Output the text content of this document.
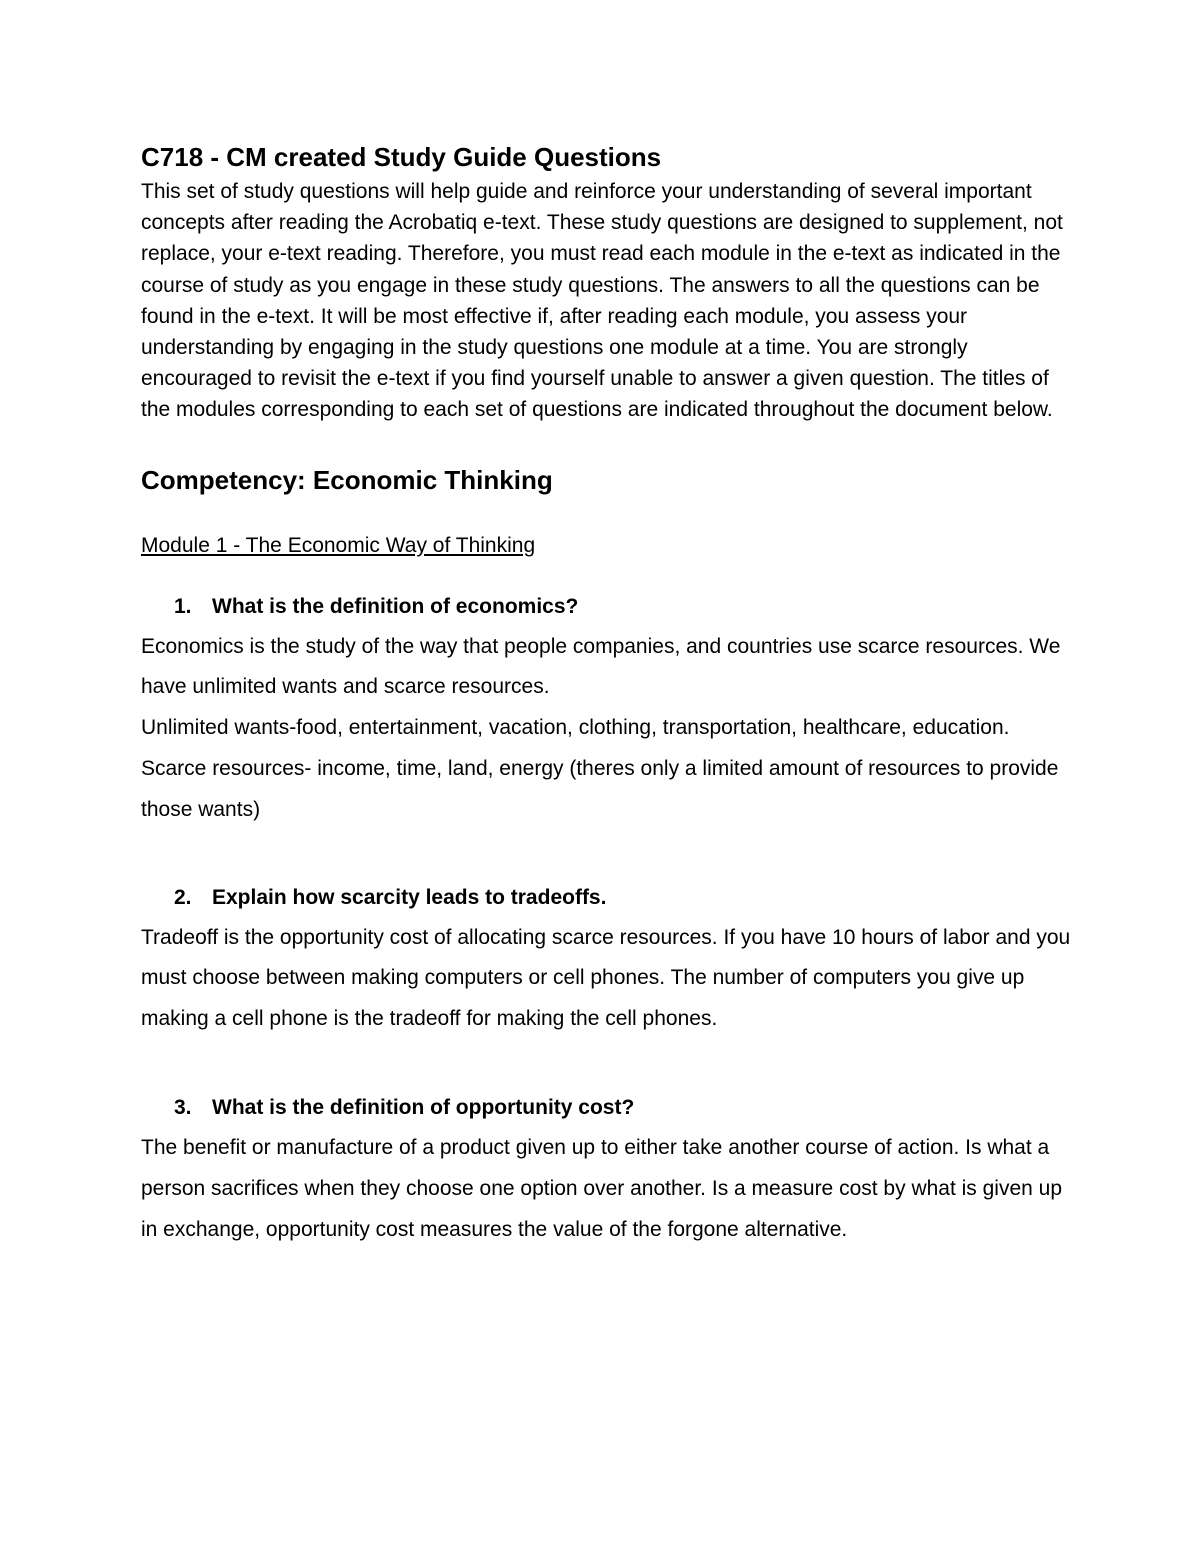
C718 - CM created Study Guide Questions

This set of study questions will help guide and reinforce your understanding of several important concepts after reading the Acrobatiq e-text. These study questions are designed to supplement, not replace, your e-text reading. Therefore, you must read each module in the e-text as indicated in the course of study as you engage in these study questions. The answers to all the questions can be found in the e-text. It will be most effective if, after reading each module, you assess your understanding by engaging in the study questions one module at a time. You are strongly encouraged to revisit the e-text if you find yourself unable to answer a given question. The titles of the modules corresponding to each set of questions are indicated throughout the document below.

Competency: Economic Thinking

Module 1 - The Economic Way of Thinking

1. What is the definition of economics?

Economics is the study of the way that people companies, and countries use scarce resources. We have unlimited wants and scarce resources.

Unlimited wants-food, entertainment, vacation, clothing, transportation, healthcare, education.

Scarce resources- income, time, land, energy (theres only a limited amount of resources to provide those wants)

2. Explain how scarcity leads to tradeoffs.

Tradeoff is the opportunity cost of allocating scarce resources. If you have 10 hours of labor and you must choose between making computers or cell phones. The number of computers you give up making a cell phone is the tradeoff for making the cell phones.

3. What is the definition of opportunity cost?

The benefit or manufacture of a product given up to either take another course of action. Is what a person sacrifices when they choose one option over another. Is a measure cost by what is given up in exchange, opportunity cost measures the value of the forgone alternative.
